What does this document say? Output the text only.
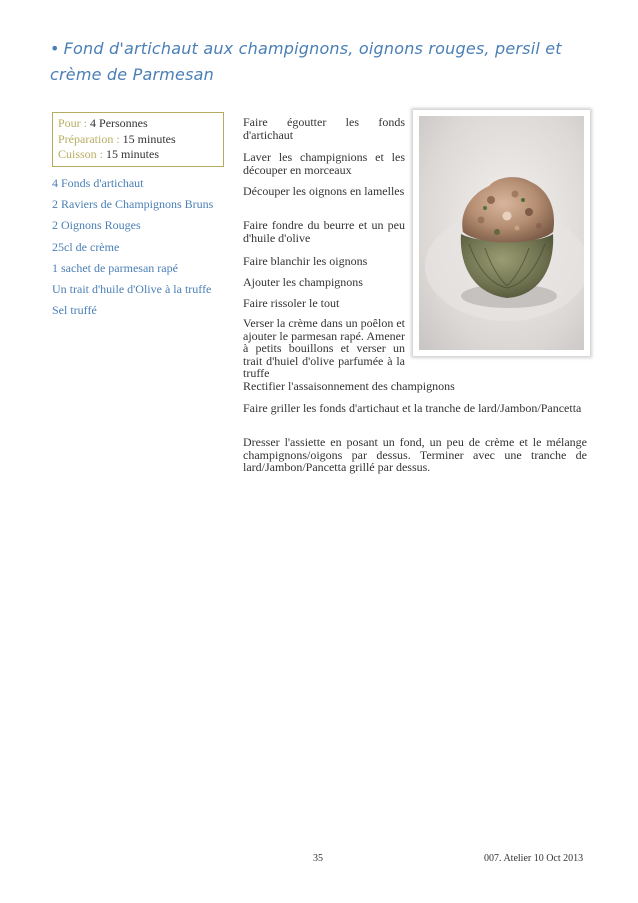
• Fond d'artichaut aux champignons, oignons rouges, persil et crème de Parmesan
Pour : 4 Personnes
Préparation : 15 minutes
Cuisson : 15 minutes
4 Fonds d'artichaut
2 Raviers de Champignons Bruns
2 Oignons Rouges
25cl de crème
1 sachet de parmesan rapé
Un trait d'huile d'Olive à la truffe
Sel truffé
Faire égoutter les fonds d'artichaut
Laver les champignions et les découper en morceaux
Découper les oignons en lamelles
Faire fondre du beurre et un peu d'huile d'olive
Faire blanchir les oignons
Ajouter les champignons
Faire rissoler le tout
Verser la crème dans un poêlon et ajouter le parmesan rapé. Amener à petits bouillons et verser un trait d'huiel d'olive parfumée à la truffe
Rectifier l'assaisonnement des champignons
Faire griller les fonds d'artichaut et la tranche de lard/Jambon/Pancetta
Dresser l'assiette en posant un fond, un peu de crème et le mélange champignons/oigons par dessus. Terminer avec une tranche de lard/Jambon/Pancetta grillé par dessus.
35	007. Atelier 10 Oct 2013
